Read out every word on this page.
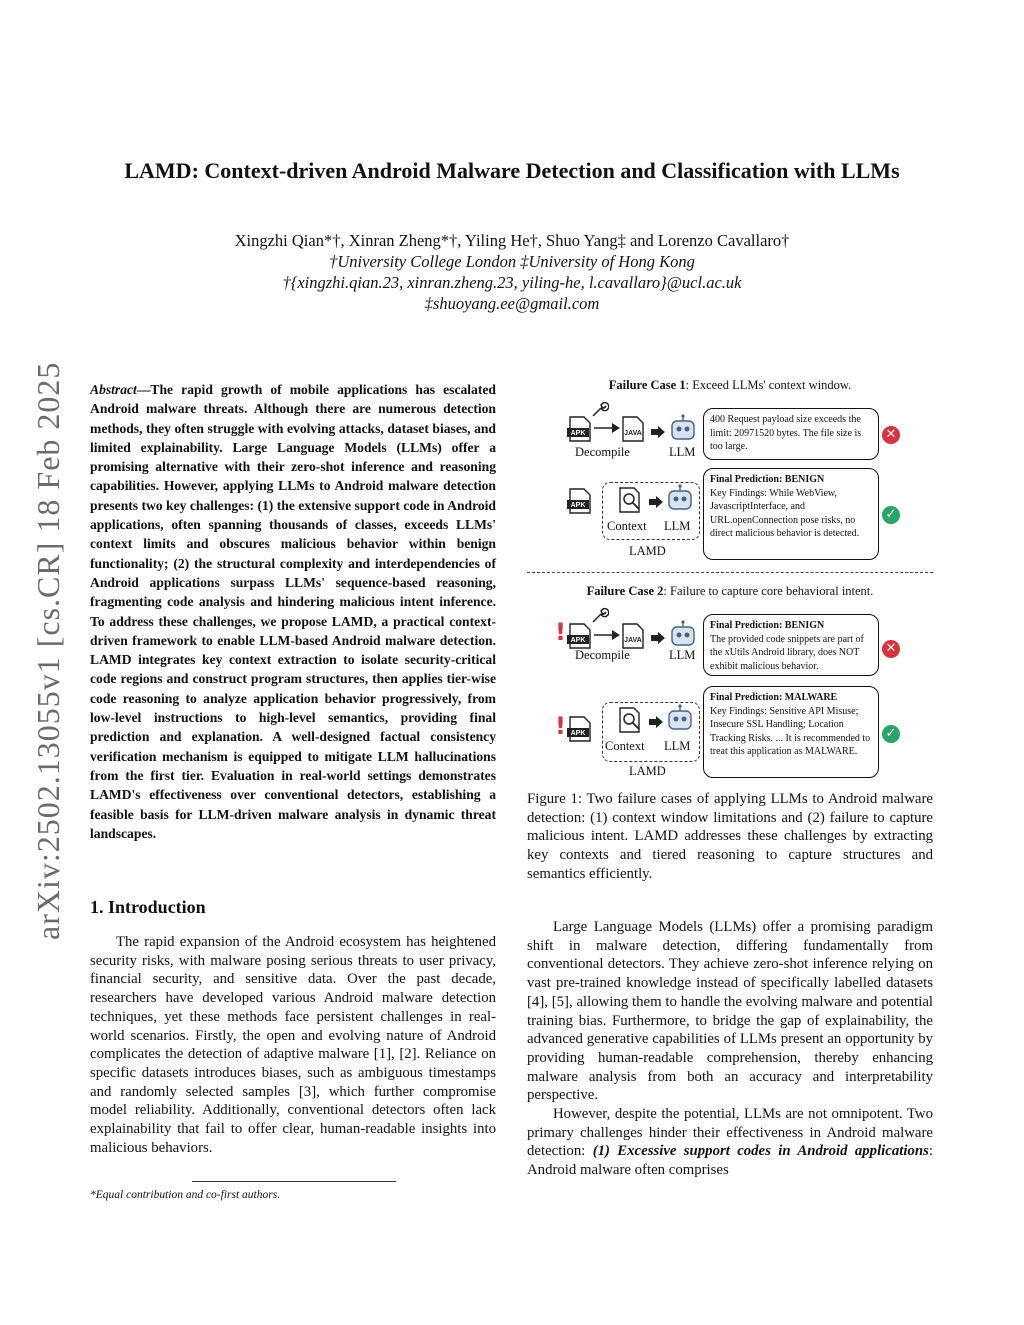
arXiv:2502.13055v1 [cs.CR] 18 Feb 2025
LAMD: Context-driven Android Malware Detection and Classification with LLMs
Xingzhi Qian*†, Xinran Zheng*†, Yiling He†, Shuo Yang‡ and Lorenzo Cavallaro†
†University College London ‡University of Hong Kong
†{xingzhi.qian.23, xinran.zheng.23, yiling-he, l.cavallaro}@ucl.ac.uk
‡shuoyang.ee@gmail.com
Abstract—The rapid growth of mobile applications has escalated Android malware threats. Although there are numerous detection methods, they often struggle with evolving attacks, dataset biases, and limited explainability. Large Language Models (LLMs) offer a promising alternative with their zero-shot inference and reasoning capabilities. However, applying LLMs to Android malware detection presents two key challenges: (1) the extensive support code in Android applications, often spanning thousands of classes, exceeds LLMs' context limits and obscures malicious behavior within benign functionality; (2) the structural complexity and interdependencies of Android applications surpass LLMs' sequence-based reasoning, fragmenting code analysis and hindering malicious intent inference. To address these challenges, we propose LAMD, a practical context-driven framework to enable LLM-based Android malware detection. LAMD integrates key context extraction to isolate security-critical code regions and construct program structures, then applies tier-wise code reasoning to analyze application behavior progressively, from low-level instructions to high-level semantics, providing final prediction and explanation. A well-designed factual consistency verification mechanism is equipped to mitigate LLM hallucinations from the first tier. Evaluation in real-world settings demonstrates LAMD's effectiveness over conventional detectors, establishing a feasible basis for LLM-driven malware analysis in dynamic threat landscapes.
1. Introduction

The rapid expansion of the Android ecosystem has heightened security risks, with malware posing serious threats to user privacy, financial security, and sensitive data. Over the past decade, researchers have developed various Android malware detection techniques, yet these methods face persistent challenges in real-world scenarios. Firstly, the open and evolving nature of Android complicates the detection of adaptive malware [1], [2]. Reliance on specific datasets introduces biases, such as ambiguous timestamps and randomly selected samples [3], which further compromise model reliability. Additionally, conventional detectors often lack explainability that fail to offer clear, human-readable insights into malicious behaviors.

*Equal contribution and co-first authors.
Failure Case 1: Exceed LLMs' context window.
APK	JAVA
Decompile	LLM
400 Request payload size exceeds the limit: 20971520 bytes. The file size is too large.
✕
APK
Context LLM
LAMD
Final Prediction: BENIGN
Key Findings: While WebView, JavascriptInterface, and URL.openConnection pose risks, no direct malicious behavior is detected.
✓
Failure Case 2: Failure to capture core behavioral intent.
! APK	JAVA
Decompile	LLM
Final Prediction: BENIGN
The provided code snippets are part of the xUtils Android library, does NOT exhibit malicious behavior.
✕
! APK
Context LLM
LAMD
Final Prediction: MALWARE
Key Findings: Sensitive API Misuse; Insecure SSL Handling; Location Tracking Risks. ... It is recommended to treat this application as MALWARE.
✓
Figure 1: Two failure cases of applying LLMs to Android malware detection: (1) context window limitations and (2) failure to capture malicious intent. LAMD addresses these challenges by extracting key contexts and tiered reasoning to capture structures and semantics efficiently.

Large Language Models (LLMs) offer a promising paradigm shift in malware detection, differing fundamentally from conventional detectors. They achieve zero-shot inference relying on vast pre-trained knowledge instead of specifically labelled datasets [4], [5], allowing them to handle the evolving malware and potential training bias. Furthermore, to bridge the gap of explainability, the advanced generative capabilities of LLMs present an opportunity by providing human-readable comprehension, thereby enhancing malware analysis from both an accuracy and interpretability perspective.

However, despite the potential, LLMs are not omnipotent. Two primary challenges hinder their effectiveness in Android malware detection: (1) Excessive support codes in Android applications: Android malware often comprises
